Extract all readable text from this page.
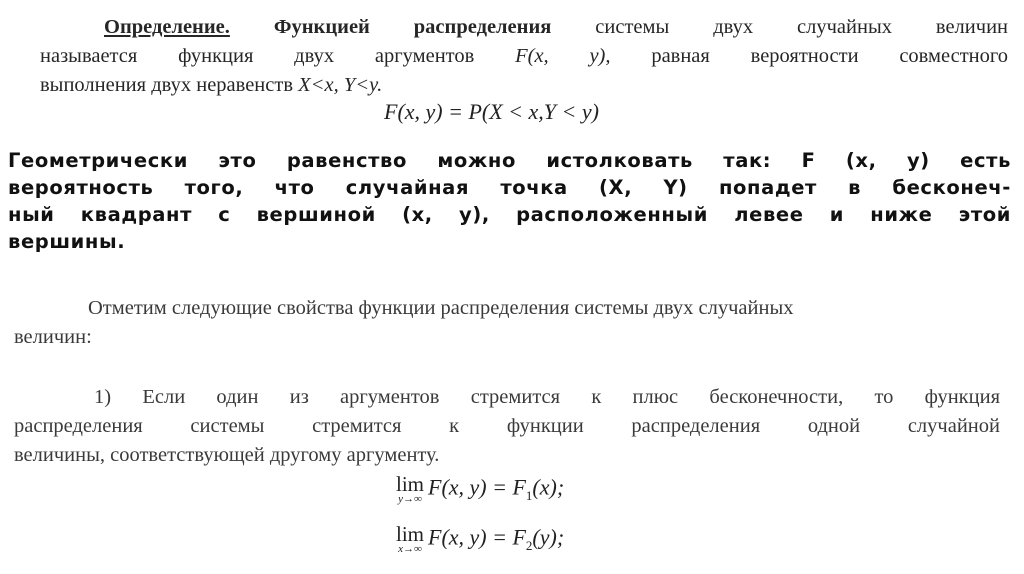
Определение. Функцией распределения системы двух случайных величин
называется функция двух аргументов F(x, y), равная вероятности совместного
выполнения двух неравенств X<x, Y<y.
F(x, y) = P(X < x,Y < y)
Геометрически это равенство можно истолковать так: F (x, y) есть
вероятность того, что случайная точка (X, Y) попадет в бесконеч-
ный квадрант с вершиной (x, y), расположенный левее и ниже этой
вершины.
Отметим следующие свойства функции распределения системы двух случайных
величин:
1) Если один из аргументов стремится к плюс бесконечности, то функция
распределения системы стремится к функции распределения одной случайной
величины, соответствующей другому аргументу.
lim
y→∞ F(x, $y) = F_1(x)$;
lim
x→∞ F(x, $y) = F_2(y)$;
